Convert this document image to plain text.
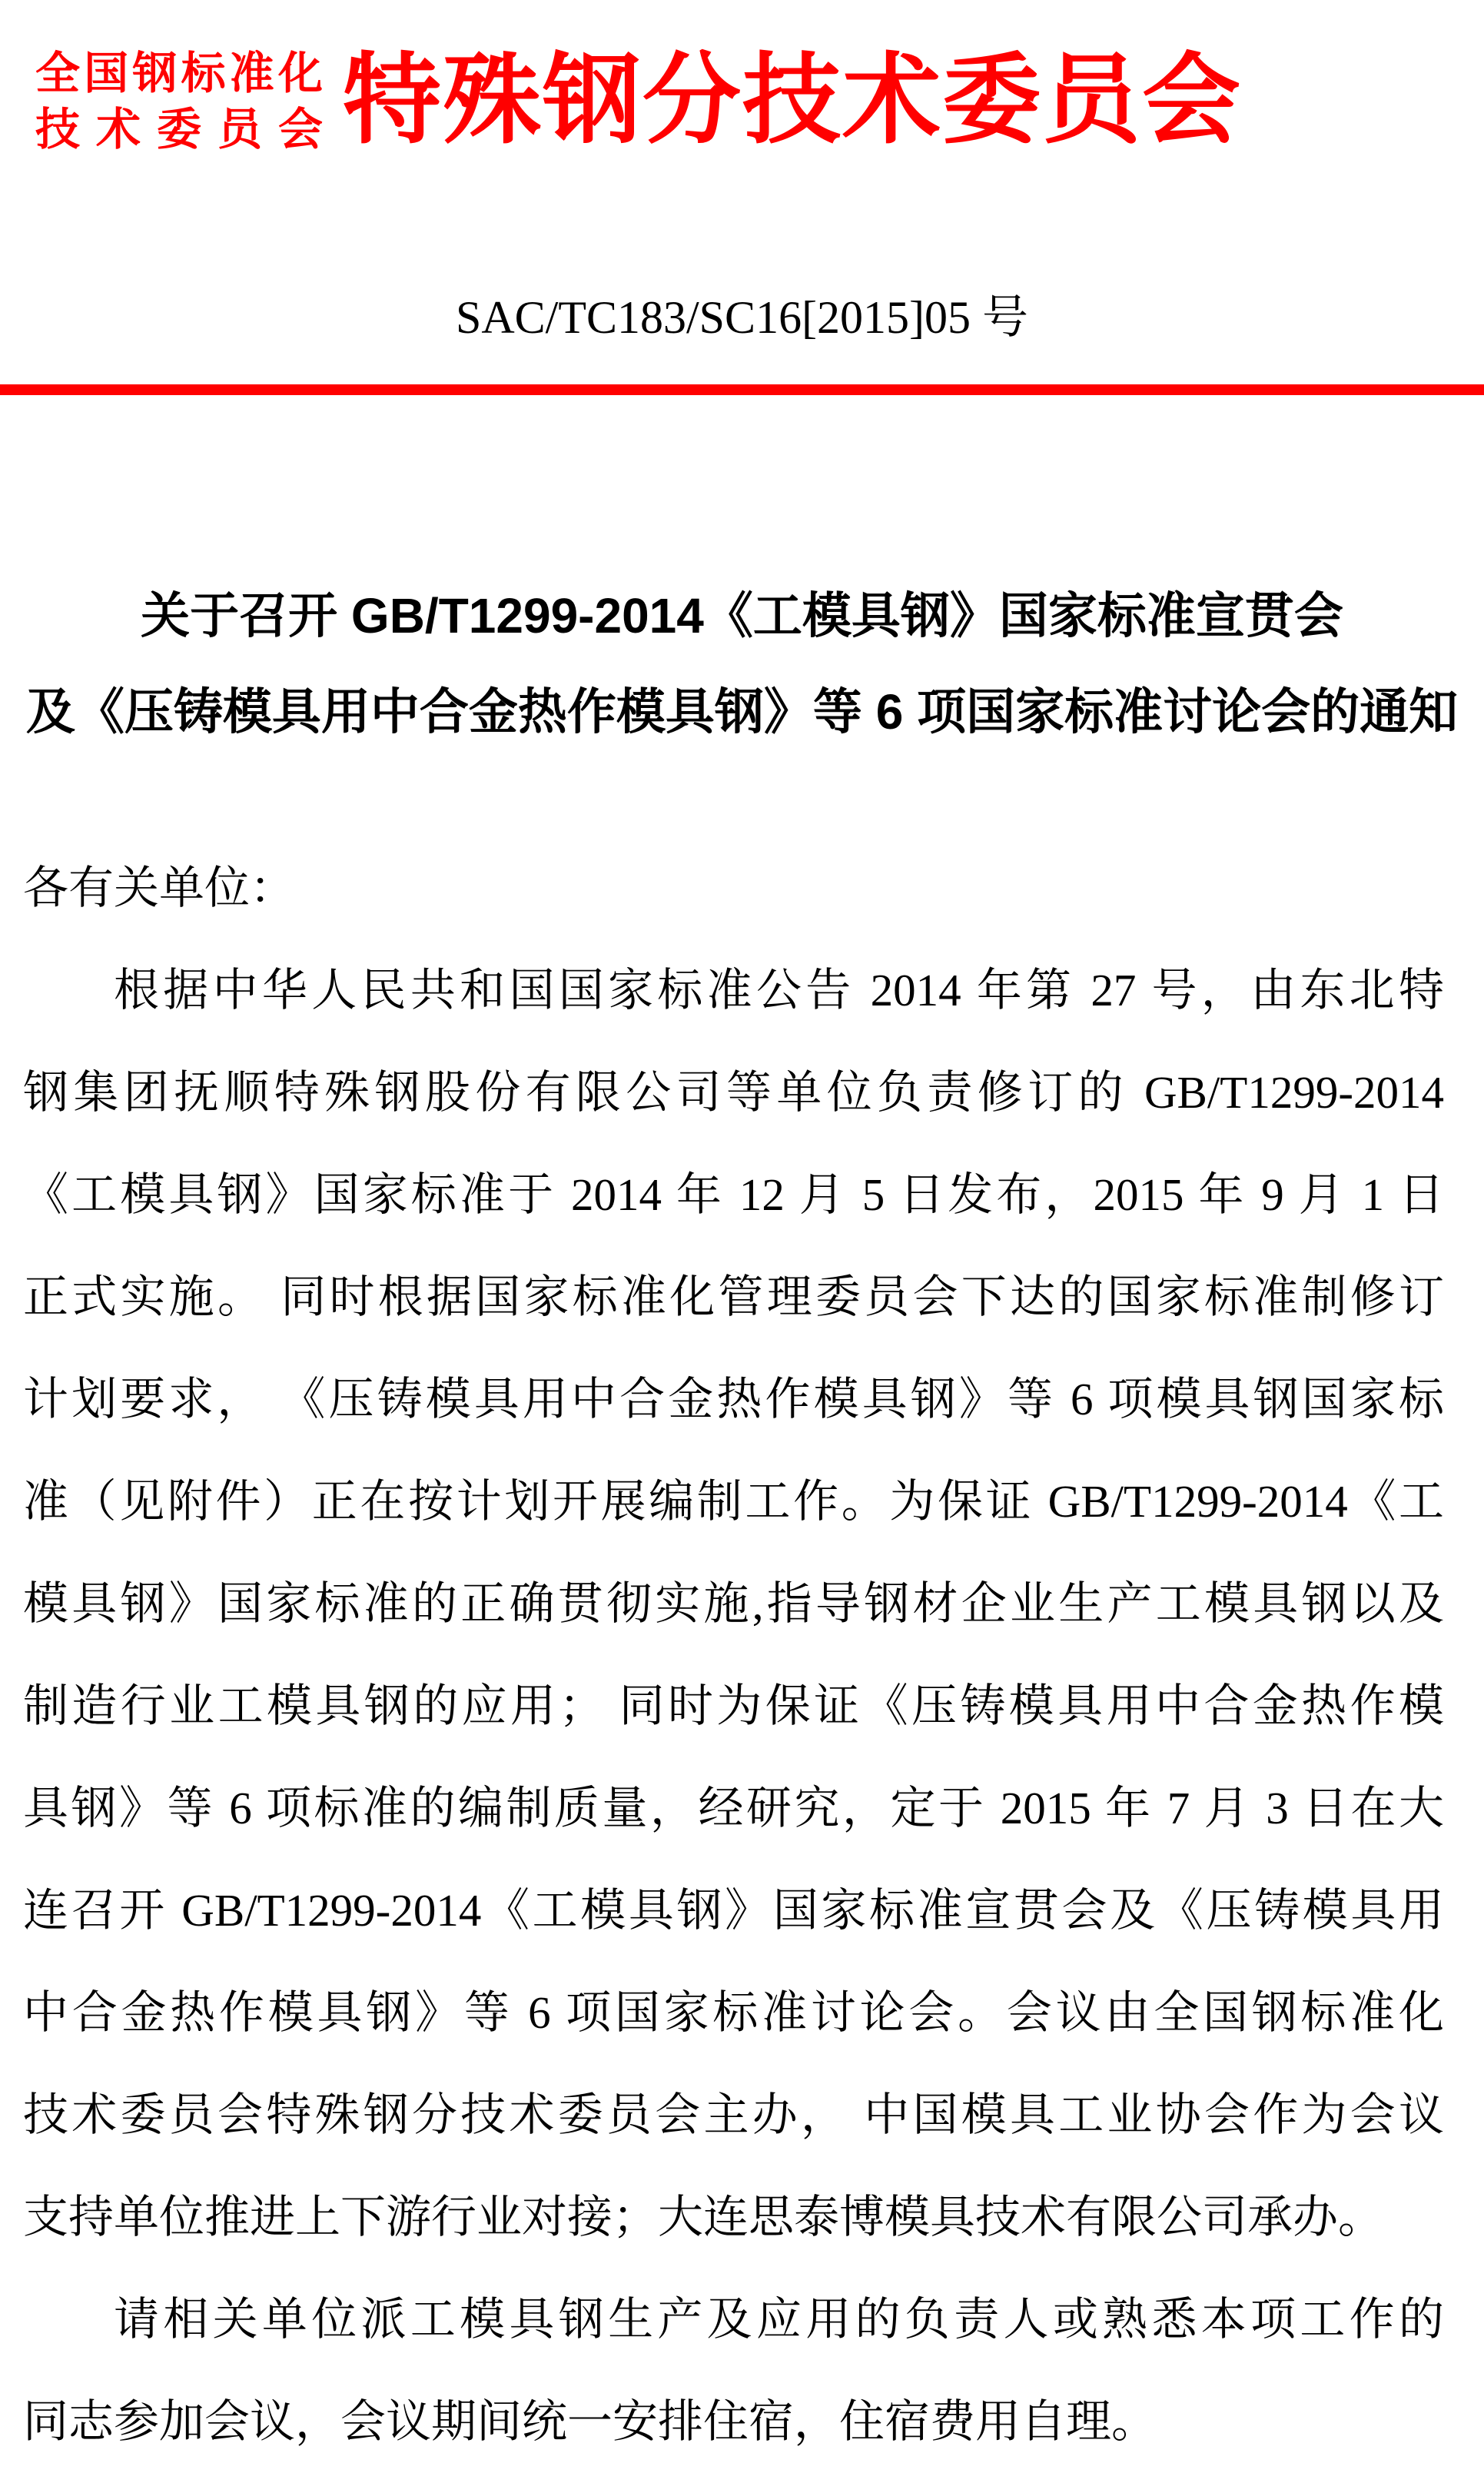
全国钢标准化
技术委员会 特殊钢分技术委员会
SAC/TC183/SC16[2015]05 号
关于召开 GB/T1299-2014《工模具钢》国家标准宣贯会
及《压铸模具用中合金热作模具钢》等 6 项国家标准讨论会的通知
各有关单位：
根据中华人民共和国国家标准公告 2014 年第 27 号，由东北特
钢集团抚顺特殊钢股份有限公司等单位负责修订的 GB/T1299-2014
《工模具钢》国家标准于 2014 年 12 月 5 日发布，2015 年 9 月 1 日
正式实施。 同时根据国家标准化管理委员会下达的国家标准制修订
计划要求， 《压铸模具用中合金热作模具钢》等 6 项模具钢国家标
准（见附件）正在按计划开展编制工作。为保证 GB/T1299-2014《工
模具钢》国家标准的正确贯彻实施,指导钢材企业生产工模具钢以及
制造行业工模具钢的应用； 同时为保证《压铸模具用中合金热作模
具钢》等 6 项标准的编制质量，经研究，定于 2015 年 7 月 3 日在大
连召开 GB/T1299-2014《工模具钢》国家标准宣贯会及《压铸模具用
中合金热作模具钢》等 6 项国家标准讨论会。会议由全国钢标准化
技术委员会特殊钢分技术委员会主办， 中国模具工业协会作为会议
支持单位推进上下游行业对接；大连思泰博模具技术有限公司承办。
请相关单位派工模具钢生产及应用的负责人或熟悉本项工作的
同志参加会议，会议期间统一安排住宿，住宿费用自理。
